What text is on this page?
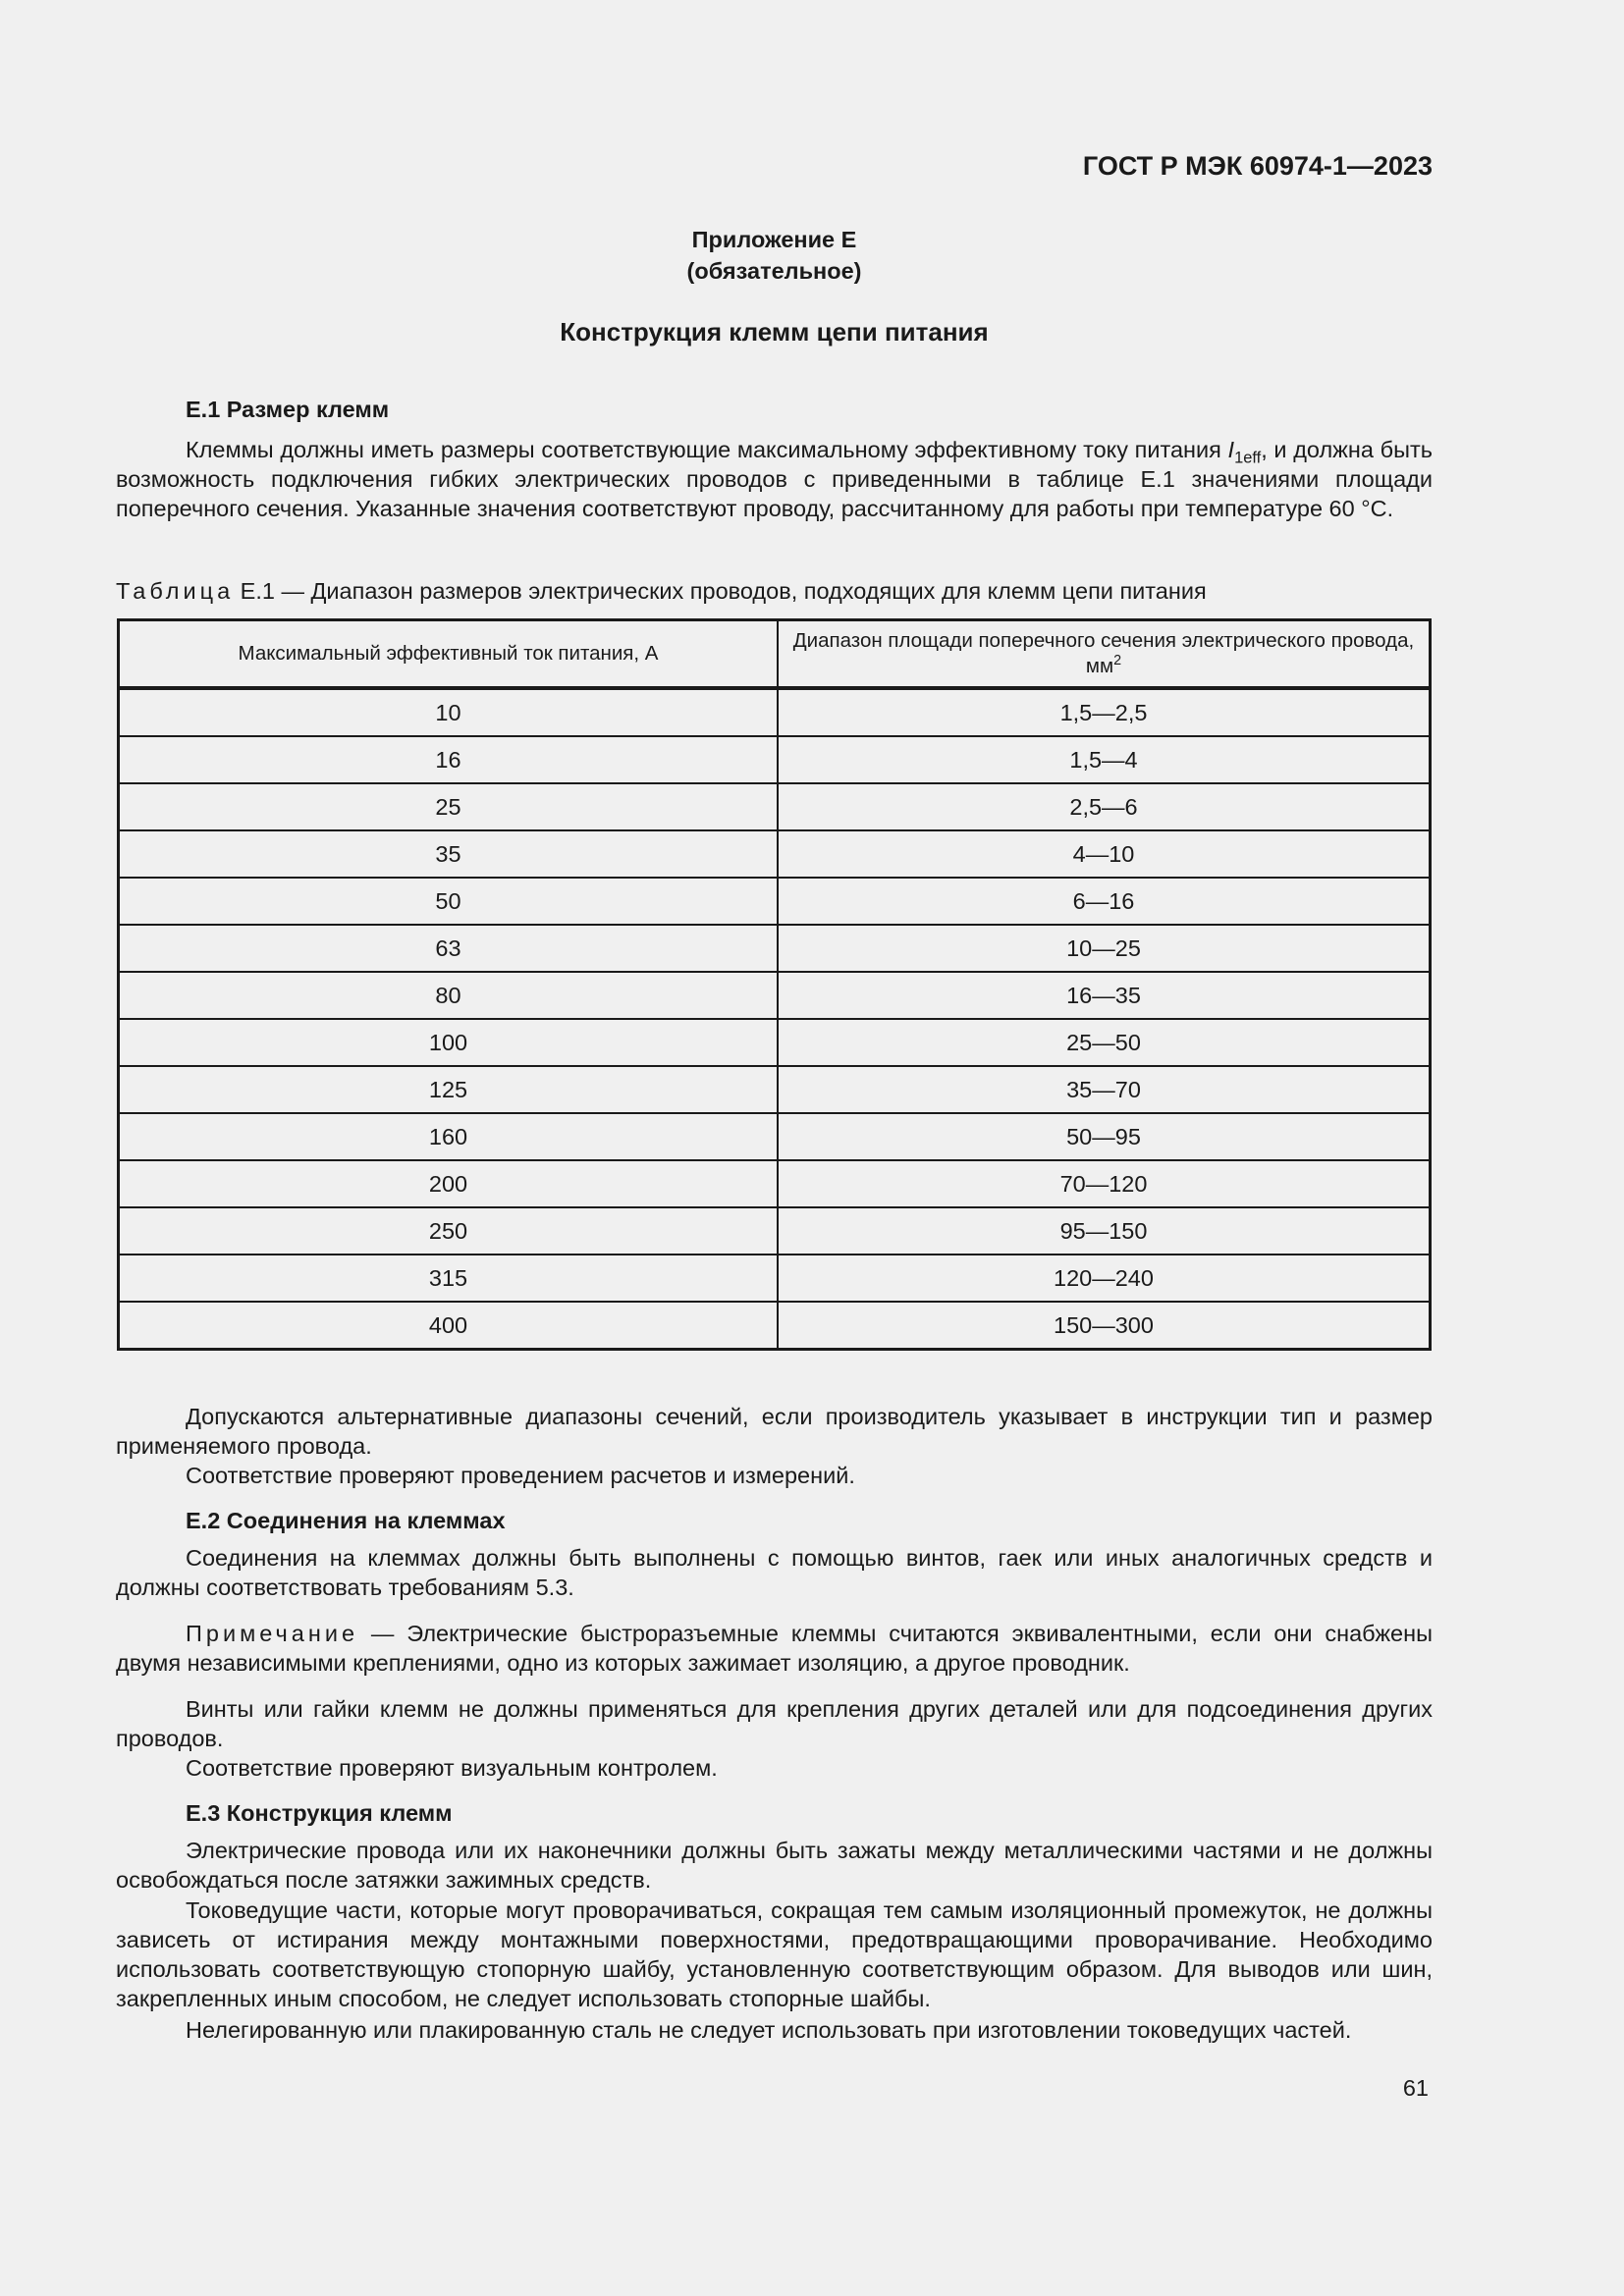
ГОСТ Р МЭК 60974-1—2023
Приложение Е
(обязательное)
Конструкция клемм цепи питания
Е.1 Размер клемм
Клеммы должны иметь размеры соответствующие максимальному эффективному току питания $I_{1eff}$, и должна быть возможность подключения гибких электрических проводов с приведенными в таблице Е.1 значениями площади поперечного сечения. Указанные значения соответствуют проводу, рассчитанному для работы при температуре 60 °С.
Таблица Е.1 — Диапазон размеров электрических проводов, подходящих для клемм цепи питания
Максимальный эффективный ток питания, А	Диапазон площади поперечного сечения электрического провода, $мм^2$
10	1,5—2,5
16	1,5—4
25	2,5—6
35	4—10
50	6—16
63	10—25
80	16—35
100	25—50
125	35—70
160	50—95
200	70—120
250	95—150
315	120—240
400	150—300
Допускаются альтернативные диапазоны сечений, если производитель указывает в инструкции тип и размер применяемого провода.
Соответствие проверяют проведением расчетов и измерений.
Е.2 Соединения на клеммах
Соединения на клеммах должны быть выполнены с помощью винтов, гаек или иных аналогичных средств и должны соответствовать требованиям 5.3.
Примечание — Электрические быстроразъемные клеммы считаются эквивалентными, если они снабжены двумя независимыми креплениями, одно из которых зажимает изоляцию, а другое проводник.
Винты или гайки клемм не должны применяться для крепления других деталей или для подсоединения других проводов.
Соответствие проверяют визуальным контролем.
Е.3 Конструкция клемм
Электрические провода или их наконечники должны быть зажаты между металлическими частями и не должны освобождаться после затяжки зажимных средств.
Токоведущие части, которые могут проворачиваться, сокращая тем самым изоляционный промежуток, не должны зависеть от истирания между монтажными поверхностями, предотвращающими проворачивание. Необходимо использовать соответствующую стопорную шайбу, установленную соответствующим образом. Для выводов или шин, закрепленных иным способом, не следует использовать стопорные шайбы.
Нелегированную или плакированную сталь не следует использовать при изготовлении токоведущих частей.
61
